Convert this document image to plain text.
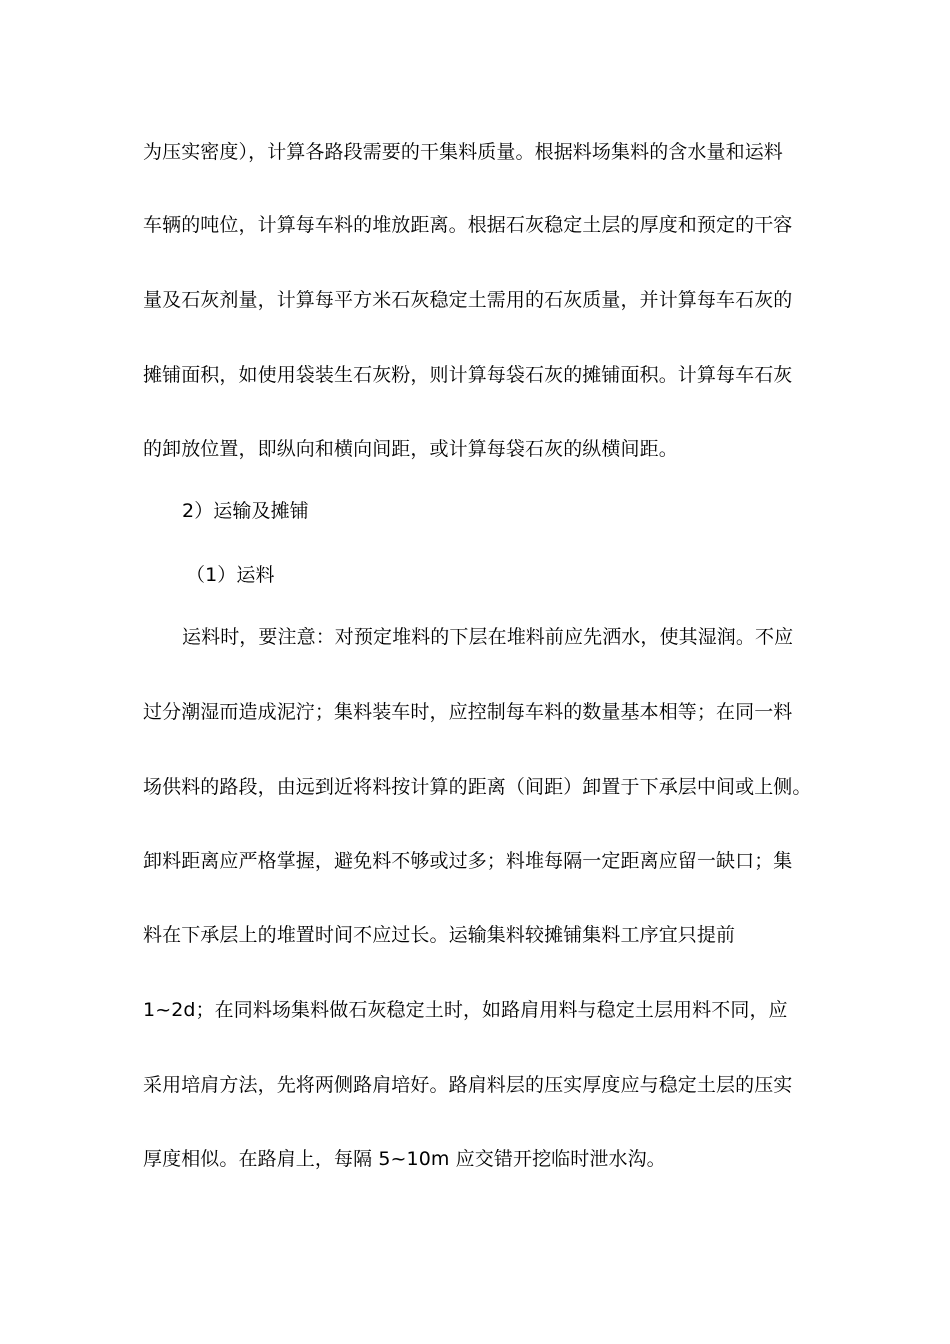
为压实密度），计算各路段需要的干集料质量。根据料场集料的含水量和运料
车辆的吨位，计算每车料的堆放距离。根据石灰稳定土层的厚度和预定的干容
量及石灰剂量，计算每平方米石灰稳定土需用的石灰质量，并计算每车石灰的
摊铺面积，如使用袋装生石灰粉，则计算每袋石灰的摊铺面积。计算每车石灰
的卸放位置，即纵向和横向间距，或计算每袋石灰的纵横间距。
2）运输及摊铺
（1）运料
运料时，要注意：对预定堆料的下层在堆料前应先洒水，使其湿润。不应
过分潮湿而造成泥泞；集料装车时，应控制每车料的数量基本相等；在同一料
场供料的路段，由远到近将料按计算的距离（间距）卸置于下承层中间或上侧。
卸料距离应严格掌握，避免料不够或过多；料堆每隔一定距离应留一缺口；集
料在下承层上的堆置时间不应过长。运输集料较摊铺集料工序宜只提前
1~2d；在同料场集料做石灰稳定土时，如路肩用料与稳定土层用料不同，应
采用培肩方法，先将两侧路肩培好。路肩料层的压实厚度应与稳定土层的压实
厚度相似。在路肩上，每隔 5~10m 应交错开挖临时泄水沟。
